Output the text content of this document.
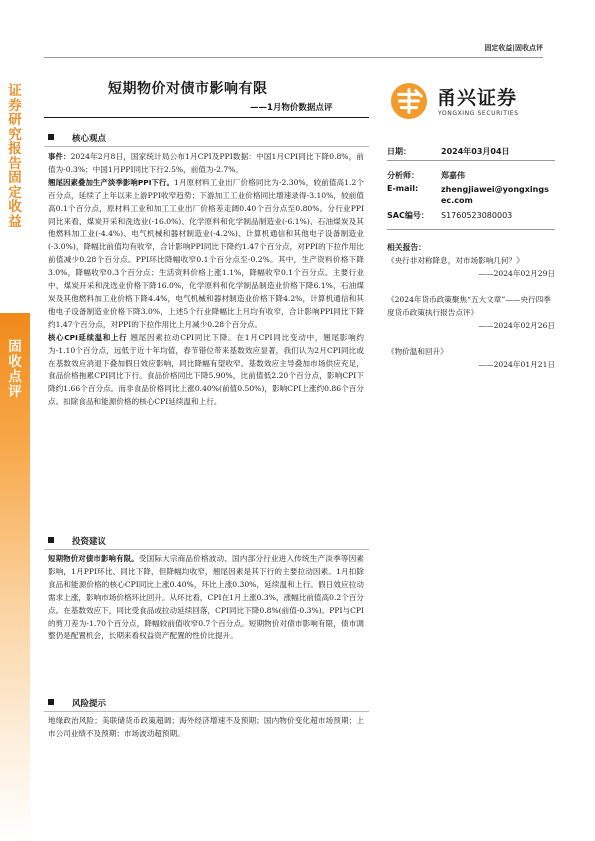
证券研究报告 固定收益
固收点评
固定收益|固收点评
短期物价对债市影响有限
——1月物价数据点评	甬兴证券
YONGXING SECURITIES
核心观点

事件：2024年2月8日，国家统计局公布1月CPI及PPI数据：中国1月CPI同比下降0.8%，前值为-0.3%；中国1月PPI同比下行2.5%，前值为-2.7%。

翘尾因素叠加生产淡季影响PPI下行。1月原材料工业出厂价格同比为-2.30%，较前值高1.2个百分点，延续了上年以来上游PPI收窄趋势；下游加工工业价格同比增速录得-3.10%，较前值高0.1个百分点，原材料工业和加工工业出厂价格差走阔0.40个百分点至0.80%。分行业PPI同比来看，煤炭开采和洗选业(-16.0%)、化学原料和化学制品制造业(-6.1%)、石油煤炭及其他燃料加工业(-4.4%)、电气机械和器材制造业(-4.2%)、计算机通信和其他电子设备制造业(-3.0%)，降幅比前值均有收窄，合计影响PPI同比下降约1.47个百分点，对PPI的下拉作用比前值减少0.28个百分点。PPI环比降幅收窄0.1个百分点至-0.2%。其中，生产资料价格下降3.0%，降幅收窄0.3个百分点；生活资料价格上涨1.1%，降幅收窄0.1个百分点。主要行业中，煤炭开采和洗选业价格下降16.0%，化学原料和化学制品制造业价格下降6.1%，石油煤炭及其他燃料加工业价格下降4.4%，电气机械和器材制造业价格下降4.2%，计算机通信和其他电子设备制造业价格下降3.0%，上述5个行业降幅比上月均有收窄，合计影响PPI同比下降约1.47个百分点，对PPI的下拉作用比上月减少0.28个百分点。

核心CPI延续温和上行 翘尾因素拉动CPI同比下降。在1月CPI同比变动中，翘尾影响约为-1.10个百分点，远低于近十年均值，春节错位带来基数效应显著，我们认为2月CPI同比或在基数效应消退下叠加假日效应影响，同比降幅有望收窄。基数效应主导叠加市场供应充足，食品价格拖累CPI同比下行。食品价格同比下降5.90%，比前值低2.20个百分点，影响CPI下降约1.66个百分点。而非食品价格同比上涨0.40%(前值0.50%)，影响CPI上涨约0.86个百分点。扣除食品和能源价格的核心CPI延续温和上行。

投资建议

短期物价对债市影响有限。受国际大宗商品价格波动、国内部分行业进入传统生产淡季等因素影响，1月PPI环比、同比下降，但降幅均收窄，翘尾因素是其下行的主要拉动因素。1月扣除食品和能源价格的核心CPI同比上涨0.40%，环比上涨0.30%，延续温和上行。假日效应拉动需求上涨，影响市场价格环比回升。从环比看，CPI在1月上涨0.3%，涨幅比前值高0.2个百分点。在基数效应下，同比受食品或拉动延续回落，CPI同比下降0.8%(前值-0.3%)。PPI与CPI的剪刀差为-1.70个百分点，降幅较前值收窄0.7个百分点。短期物价对债市影响有限，债市调整仍是配置机会，长期来看权益资产配置的性价比提升。

风险提示
地缘政治风险；美联储货币政策超调；海外经济增速不及预期；国内物价变化超市场预期；上市公司业绩不及预期；市场波动超预期。
日期：	2024年03月04日
分析师：	郑嘉伟
E-mail:	zhengjiawei@yongxingsec.com
SAC编号： S1760523080003
相关报告：
《央行非对称降息，对市场影响几何？》
——2024年02月29日
《2024年货币政策聚焦“五大文章”——央行四季度货币政策执行报告点评》
——2024年02月26日
《物价温和回升》
——2024年01月21日
